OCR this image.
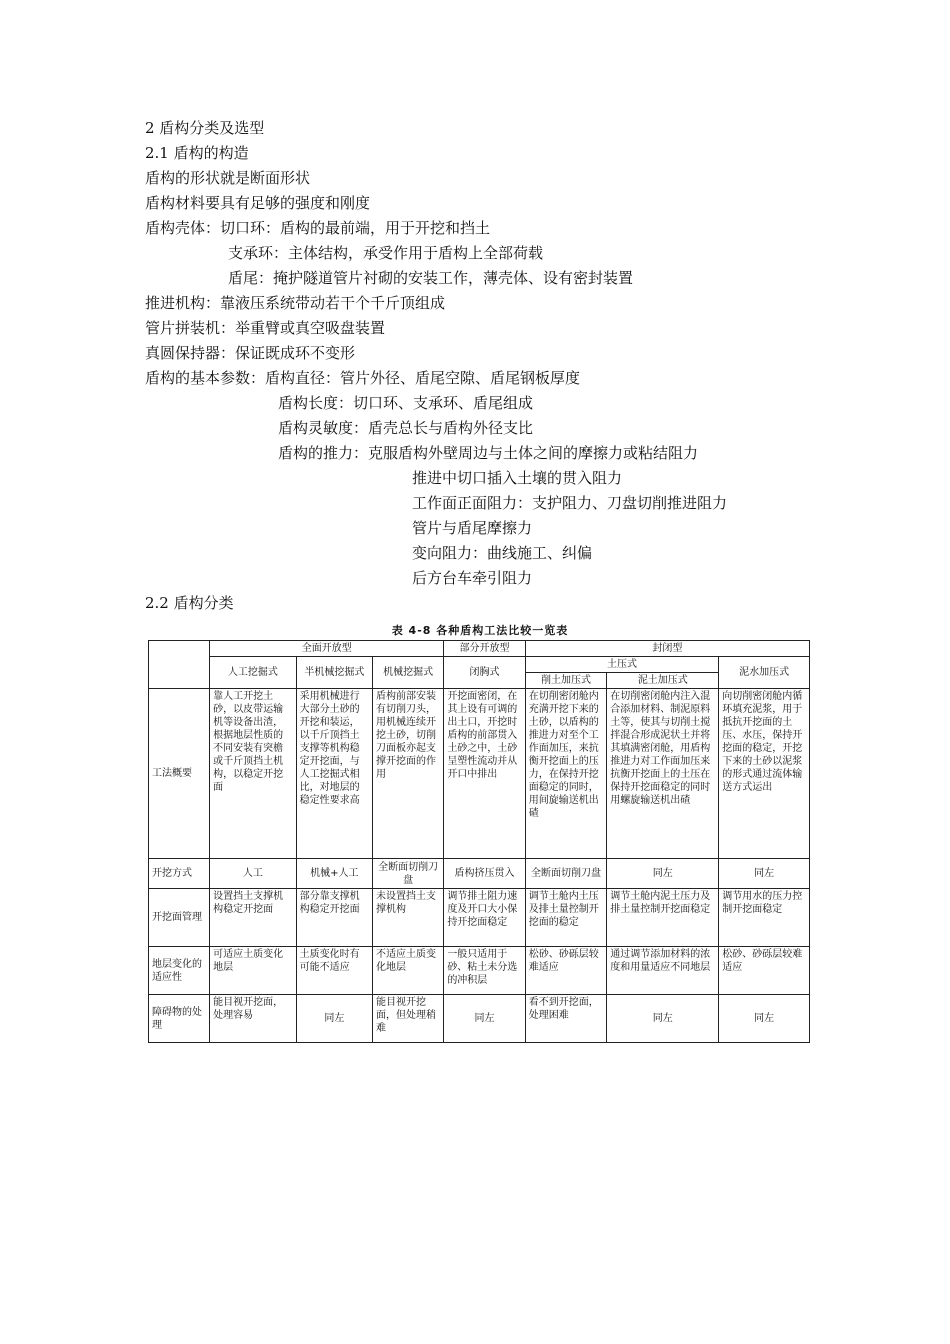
2 盾构分类及选型
2.1 盾构的构造
盾构的形状就是断面形状
盾构材料要具有足够的强度和刚度
盾构壳体：切口环：盾构的最前端，用于开挖和挡土
支承环：主体结构，承受作用于盾构上全部荷载
盾尾：掩护隧道管片衬砌的安装工作，薄壳体、设有密封装置
推进机构：靠液压系统带动若干个千斤顶组成
管片拼装机：举重臂或真空吸盘装置
真圆保持器：保证既成环不变形
盾构的基本参数：盾构直径：管片外径、盾尾空隙、盾尾钢板厚度
盾构长度：切口环、支承环、盾尾组成
盾构灵敏度：盾壳总长与盾构外径支比
盾构的推力：克服盾构外壁周边与土体之间的摩擦力或粘结阻力
推进中切口插入土壤的贯入阻力
工作面正面阻力：支护阻力、刀盘切削推进阻力
管片与盾尾摩擦力
变向阻力：曲线施工、纠偏
后方台车牵引阻力
2.2 盾构分类
表 4-8 各种盾构工法比较一览表
	全面开放型			部分开放型	封闭型		
	人工挖掘式	半机械挖掘式	机械挖掘式	闭胸式	土压式		泥水加压式
					削土加压式	泥土加压式	
工法概要	靠人工开挖土砂，以皮带运输机等设备出渣，根据地层性质的不同安装有突檐或千斤顶挡土机构，以稳定开挖面	采用机械进行大部分土砂的开挖和装运，以千斤顶挡土支撑等机构稳定开挖面，与人工挖掘式相比，对地层的稳定性要求高	盾构前部安装有切削刀头，用机械连续开挖土砂，切削刀面板亦起支撑开挖面的作用	开挖面密闭，在其上设有可调的出土口，开挖时盾构的前部贯入土砂之中，土砂呈塑性流动并从开口中排出	在切削密闭舱内充满开挖下来的土砂，以盾构的推进力对至个工作面加压，来抗衡开挖面上的压力，在保持开挖面稳定的同时，用间旋输送机出碴	在切削密闭舱内注入混合添加材料、制泥原料土等，使其与切削土搅拌混合形成泥状土并将其填满密闭舱，用盾构推进力对工作面加压来抗衡开挖面上的土压在保持开挖面稳定的同时用螺旋输送机出碴	向切削密闭舱内循环填充泥浆，用于抵抗开挖面的土压、水压，保持开挖面的稳定，开挖下来的土砂以泥浆的形式通过流体输送方式运出
开挖方式	人工	机械+人工	全断面切削刀盘	盾构挤压贯入	全断面切削刀盘	同左	同左
开挖面管理	设置挡土支撑机构稳定开挖面	部分靠支撑机构稳定开挖面	未设置挡土支撑机构	调节排土阻力速度及开口大小保持开挖面稳定	调节土舱内土压及排土量控制开挖面的稳定	调节土舱内泥土压力及排土量控制开挖面稳定	调节用水的压力控制开挖面稳定
地层变化的适应性	可适应土质变化地层	土质变化时有可能不适应	不适应土质变化地层	一般只适用于砂、粘土未分选的冲积层	松砂、砂砾层较难适应	通过调节添加材料的浓度和用量适应不同地层	松砂、砂砾层较难适应
障碍物的处理	能目视开挖面，处理容易	同左	能目视开挖面，但处理稍难	同左	看不到开挖面，处理困难	同左	同左
